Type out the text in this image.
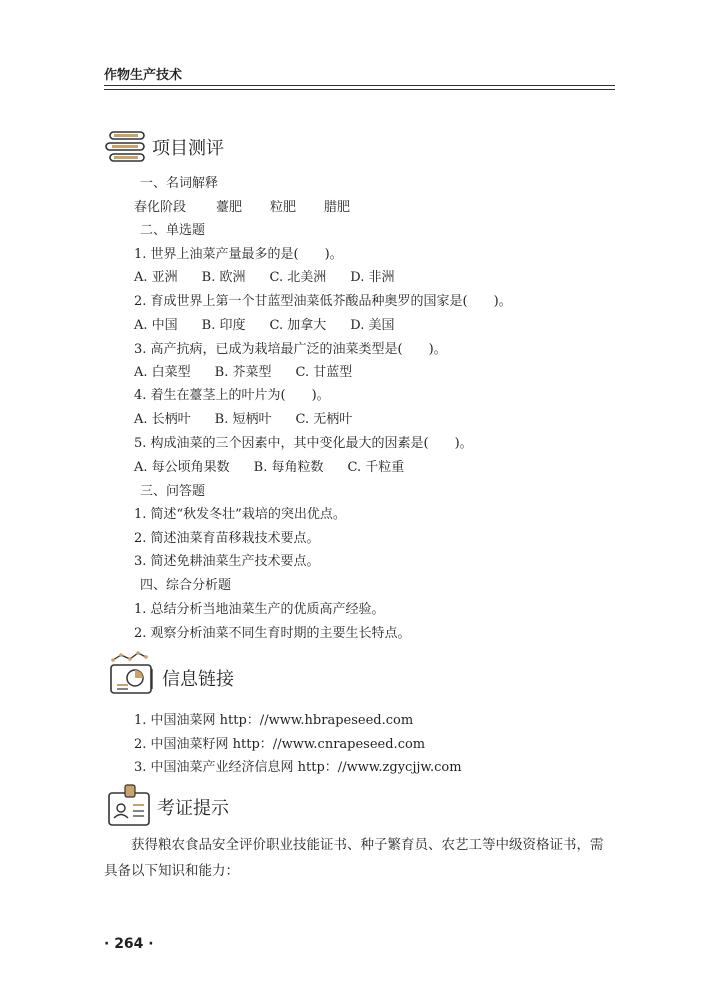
作物生产技术
项目测评
一、名词解释
春化阶段 薹肥 粒肥 腊肥
二、单选题
1. 世界上油菜产量最多的是(　　)。
A. 亚洲 B. 欧洲 C. 北美洲 D. 非洲
2. 育成世界上第一个甘蓝型油菜低芥酸品种奥罗的国家是(　　)。
A. 中国 B. 印度 C. 加拿大 D. 美国
3. 高产抗病，已成为栽培最广泛的油菜类型是(　　)。
A. 白菜型 B. 芥菜型 C. 甘蓝型
4. 着生在薹茎上的叶片为(　　)。
A. 长柄叶 B. 短柄叶 C. 无柄叶
5. 构成油菜的三个因素中，其中变化最大的因素是(　　)。
A. 每公顷角果数 B. 每角粒数 C. 千粒重
三、问答题
1. 简述“秋发冬壮”栽培的突出优点。
2. 简述油菜育苗移栽技术要点。
3. 简述免耕油菜生产技术要点。
四、综合分析题
1. 总结分析当地油菜生产的优质高产经验。
2. 观察分析油菜不同生育时期的主要生长特点。
信息链接
1. 中国油菜网 http：//www.hbrapeseed.com
2. 中国油菜籽网 http：//www.cnrapeseed.com
3. 中国油菜产业经济信息网 http：//www.zgycjjw.com
考证提示
获得粮农食品安全评价职业技能证书、种子繁育员、农艺工等中级资格证书，需具备以下知识和能力：
· 264 ·
